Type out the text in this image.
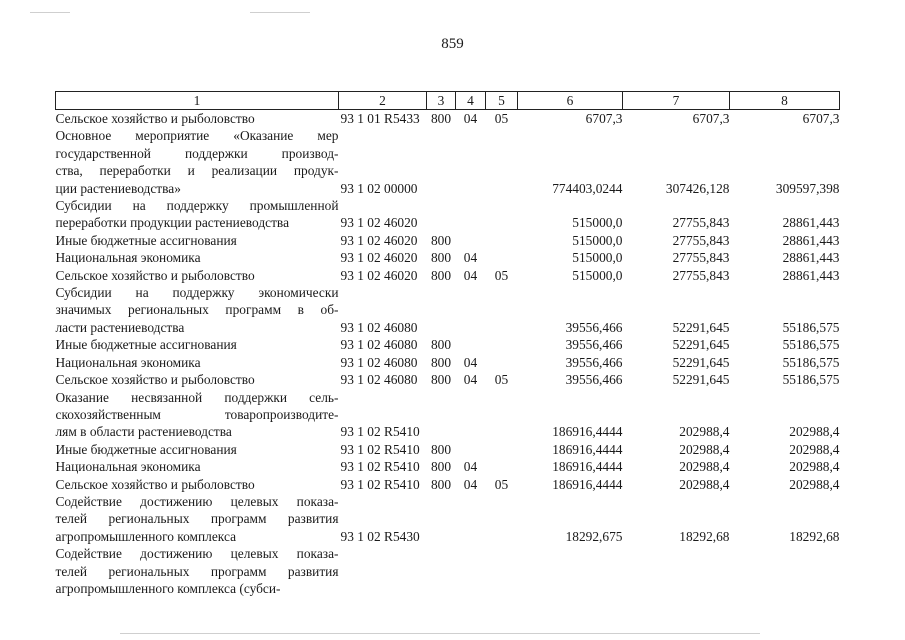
859
1	2	3	4	5	6	7	8
Сельское хозяйство и рыболовство	93 1 01 R5433	800	04	05	6707,3	6707,3	6707,3
Основное мероприятие «Оказание мер							
государственной поддержки производ-							
ства, переработки и реализации продук-							
ции растениеводства»	93 1 02 00000				774403,0244	307426,128	309597,398
Субсидии на поддержку промышленной							
переработки продукции растениеводства	93 1 02 46020				515000,0	27755,843	28861,443
Иные бюджетные ассигнования	93 1 02 46020	800			515000,0	27755,843	28861,443
Национальная экономика	93 1 02 46020	800	04		515000,0	27755,843	28861,443
Сельское хозяйство и рыболовство	93 1 02 46020	800	04	05	515000,0	27755,843	28861,443
Субсидии на поддержку экономически							
значимых региональных программ в об-							
ласти растениеводства	93 1 02 46080				39556,466	52291,645	55186,575
Иные бюджетные ассигнования	93 1 02 46080	800			39556,466	52291,645	55186,575
Национальная экономика	93 1 02 46080	800	04		39556,466	52291,645	55186,575
Сельское хозяйство и рыболовство	93 1 02 46080	800	04	05	39556,466	52291,645	55186,575
Оказание несвязанной поддержки сель-							
скохозяйственным товаропроизводите-							
лям в области растениеводства	93 1 02 R5410				186916,4444	202988,4	202988,4
Иные бюджетные ассигнования	93 1 02 R5410	800			186916,4444	202988,4	202988,4
Национальная экономика	93 1 02 R5410	800	04		186916,4444	202988,4	202988,4
Сельское хозяйство и рыболовство	93 1 02 R5410	800	04	05	186916,4444	202988,4	202988,4
Содействие достижению целевых показа-							
телей региональных программ развития							
агропромышленного комплекса	93 1 02 R5430				18292,675	18292,68	18292,68
Содействие достижению целевых показа-							
телей региональных программ развития							
агропромышленного комплекса (субси-							
